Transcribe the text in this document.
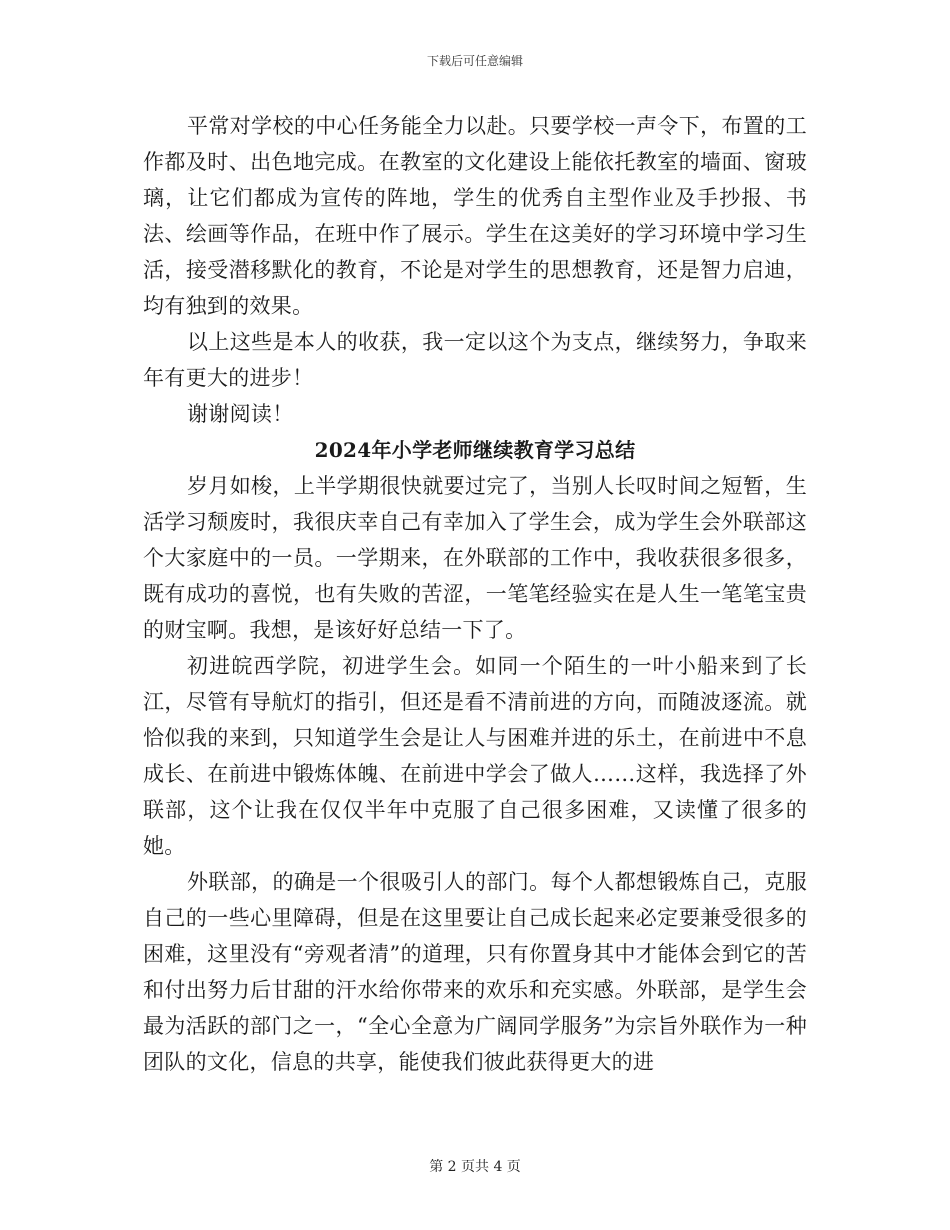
下载后可任意编辑

平常对学校的中心任务能全力以赴。只要学校一声令下，布置的工作都及时、出色地完成。在教室的文化建设上能依托教室的墙面、窗玻璃，让它们都成为宣传的阵地，学生的优秀自主型作业及手抄报、书法、绘画等作品，在班中作了展示。学生在这美好的学习环境中学习生活，接受潜移默化的教育，不论是对学生的思想教育，还是智力启迪，均有独到的效果。

以上这些是本人的收获，我一定以这个为支点，继续努力，争取来年有更大的进步！

谢谢阅读！

2024年小学老师继续教育学习总结

岁月如梭，上半学期很快就要过完了，当别人长叹时间之短暂，生活学习颓废时，我很庆幸自己有幸加入了学生会，成为学生会外联部这个大家庭中的一员。一学期来，在外联部的工作中，我收获很多很多，既有成功的喜悦，也有失败的苦涩，一笔笔经验实在是人生一笔笔宝贵的财宝啊。我想，是该好好总结一下了。

初进皖西学院，初进学生会。如同一个陌生的一叶小船来到了长江，尽管有导航灯的指引，但还是看不清前进的方向，而随波逐流。就恰似我的来到，只知道学生会是让人与困难并进的乐土，在前进中不息成长、在前进中锻炼体魄、在前进中学会了做人……这样，我选择了外联部，这个让我在仅仅半年中克服了自己很多困难，又读懂了很多的她。

外联部，的确是一个很吸引人的部门。每个人都想锻炼自己，克服自己的一些心里障碍，但是在这里要让自己成长起来必定要兼受很多的困难，这里没有“旁观者清”的道理，只有你置身其中才能体会到它的苦和付出努力后甘甜的汗水给你带来的欢乐和充实感。外联部，是学生会最为活跃的部门之一，“全心全意为广阔同学服务”为宗旨外联作为一种团队的文化，信息的共享，能使我们彼此获得更大的进

第 2 页共 4 页
